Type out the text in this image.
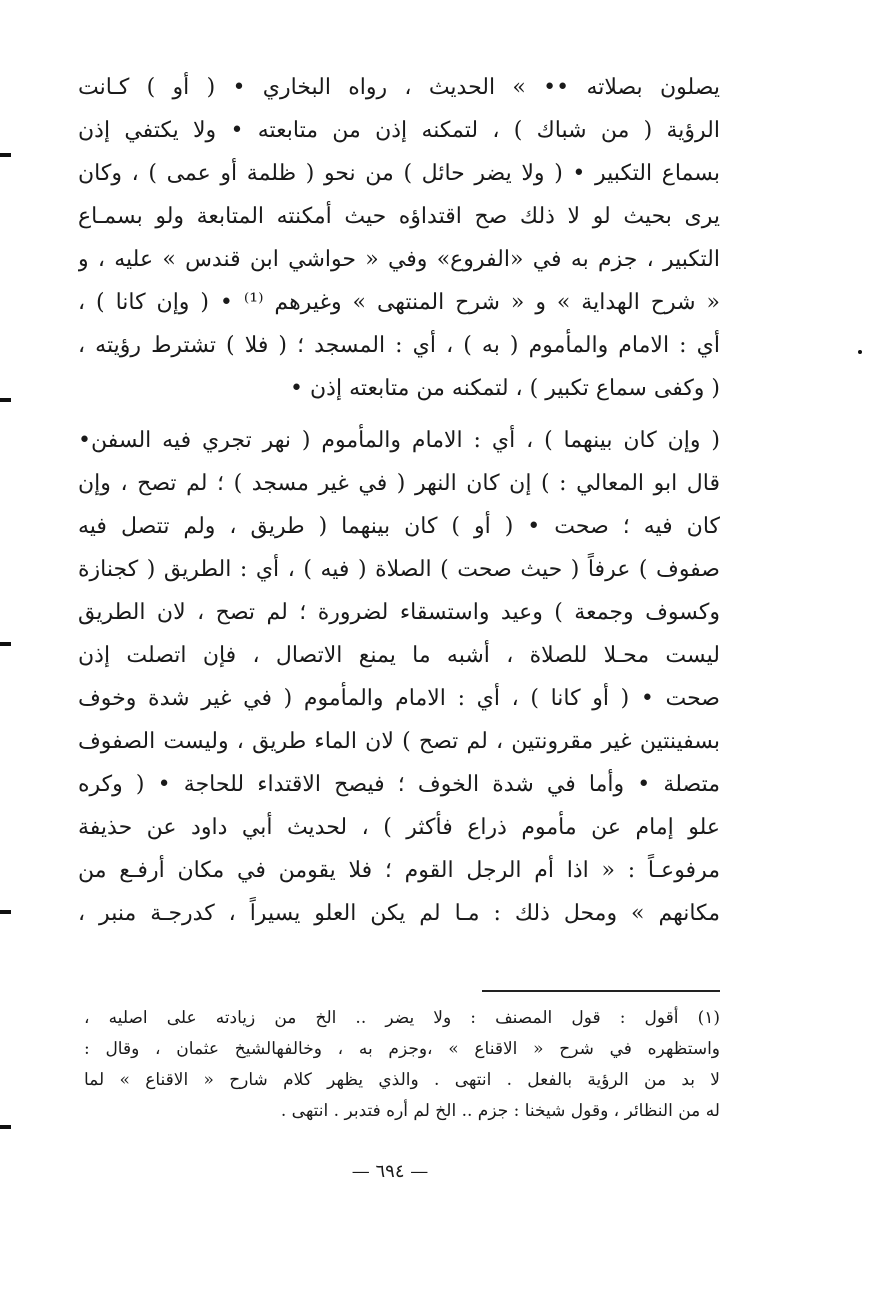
يصلون بصلاته •• » الحديث ، رواه البخاري • ( أو ) كـانت
الرؤية ( من شباك ) ، لتمكنه إذن من متابعته • ولا يكتفي إذن
بسماع التكبير • ( ولا يضر حائل ) من نحو ( ظلمة أو عمى ) ، وكان
يرى بحيث لو لا ذلك صح اقتداؤه حيث أمكنته المتابعة ولو بسمـاع
التكبير ، جزم به في «الفروع» وفي « حواشي ابن قندس » عليه ، و
« شرح الهداية » و « شرح المنتهى » وغيرهم ⁽¹⁾ • ( وإن كانا ) ،
أي : الامام والمأموم ( به ) ، أي : المسجد ؛ ( فلا ) تشترط رؤيته ،
( وكفى سماع تكبير ) ، لتمكنه من متابعته إذن •
( وإن كان بينهما ) ، أي : الامام والمأموم ( نهر تجري فيه السفن•
قال ابو المعالي : ) إن كان النهر ( في غير مسجد ) ؛ لم تصح ، وإن
كان فيه ؛ صحت • ( أو ) كان بينهما ( طريق ، ولم تتصل فيه
صفوف ) عرفاً ( حيث صحت ) الصلاة ( فيه ) ، أي : الطريق ( كجنازة
وكسوف وجمعة ) وعيد واستسقاء لضرورة ؛ لم تصح ، لان الطريق
ليست محـلا للصلاة ، أشبه ما يمنع الاتصال ، فإن اتصلت إذن
صحت • ( أو كانا ) ، أي : الامام والمأموم ( في غير شدة وخوف
بسفينتين غير مقرونتين ، لم تصح ) لان الماء طريق ، وليست الصفوف
متصلة • وأما في شدة الخوف ؛ فيصح الاقتداء للحاجة • ( وكره
علو إمام عن مأموم ذراع فأكثر ) ، لحديث أبي داود عن حذيفة
مرفوعـاً : « اذا أم الرجل القوم ؛ فلا يقومن في مكان أرفـع من
مكانهم » ومحل ذلك : مـا لم يكن العلو يسيراً ، كدرجـة منبر ،
(١) أقول : قول المصنف : ولا يضر .. الخ من زيادته على اصليه ،
واستظهره في شرح « الاقناع » ،وجزم به ، وخالفهالشيخ عثمان ، وقال :
لا بد من الرؤية بالفعل . انتهى . والذي يظهر كلام شارح « الاقناع » لما
له من النظائر ، وقول شيخنا : جزم .. الخ لم أره فتدبر . انتهى .
— ٦٩٤ —
